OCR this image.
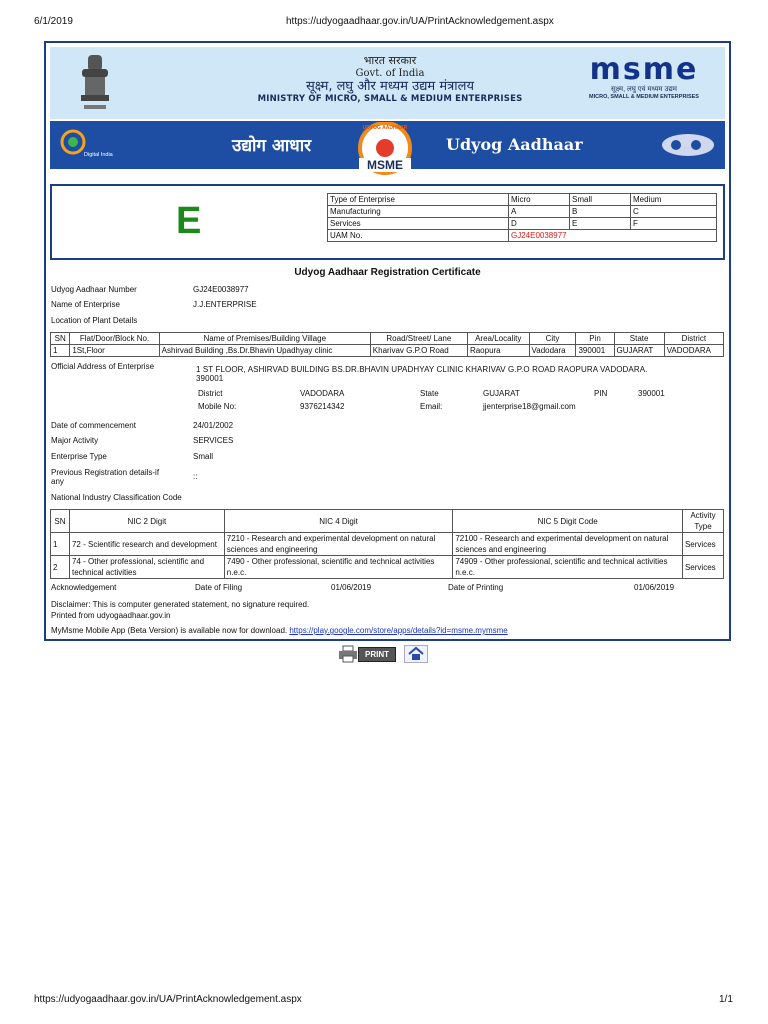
6/1/2019	https://udyogaadhaar.gov.in/UA/PrintAcknowledgement.aspx
भारत सरकार
Govt. of India
सूक्ष्म, लघु और मध्यम उद्यम मंत्रालय
MINISTRY OF MICRO, SMALL & MEDIUM ENTERPRISES
msme
सूक्ष्म, लघु एवं मध्यम उद्यम
MICRO, SMALL & MEDIUM ENTERPRISES
Digital India	उद्योग आधार
UDYOG AADHAAR
MSME
Udyog Aadhaar
E
Type of Enterprise	Micro	Small	Medium
Manufacturing	A	B	C
Services	D	E	F
UAM No.	GJ24E0038977		
Udyog Aadhaar Registration Certificate
Udyog Aadhaar Number	GJ24E0038977
Name of Enterprise	J.J.ENTERPRISE
Location of Plant Details
SN	Flat/Door/Block No.	Name of Premises/Building Village	Road/Street/ Lane	Area/Locality	City	Pin	State	District
1	1St,Floor	Ashirvad Building ,Bs.Dr.Bhavin Upadhyay clinic	Kharivav G.P.O Road	Raopura	Vadodara	390001	GUJARAT	VADODARA
Official Address of Enterprise	1 ST FLOOR, ASHIRVAD BUILDING BS.DR.BHAVIN UPADHYAY CLINIC KHARIVAV G.P.O ROAD RAOPURA VADODARA.
390001
District	VADODARA	State	GUJARAT	PIN	390001
Mobile No:	9376214342	Email:	jjenterprise18@gmail.com
Date of commencement	24/01/2002
Major Activity	SERVICES
Enterprise Type	Small
Previous Registration details-if
any
::
National Industry Classification Code
SN	NIC 2 Digit	NIC 4 Digit	NIC 5 Digit Code	Activity Type
1	72 - Scientific research and development	7210 - Research and experimental development on natural sciences and engineering	72100 - Research and experimental development on natural sciences and engineering	Services
2	74 - Other professional, scientific and technical activities	7490 - Other professional, scientific and technical activities n.e.c.	74909 - Other professional, scientific and technical activities n.e.c.	Services
Acknowledgement	Date of Filing	01/06/2019	Date of Printing	01/06/2019
Disclaimer: This is computer generated statement, no signature required.
Printed from udyogaadhaar.gov.in
MyMsme Mobile App (Beta Version) is available now for download. https://play.google.com/store/apps/details?id=msme.mymsme
PRINT
https://udyogaadhaar.gov.in/UA/PrintAcknowledgement.aspx	1/1
